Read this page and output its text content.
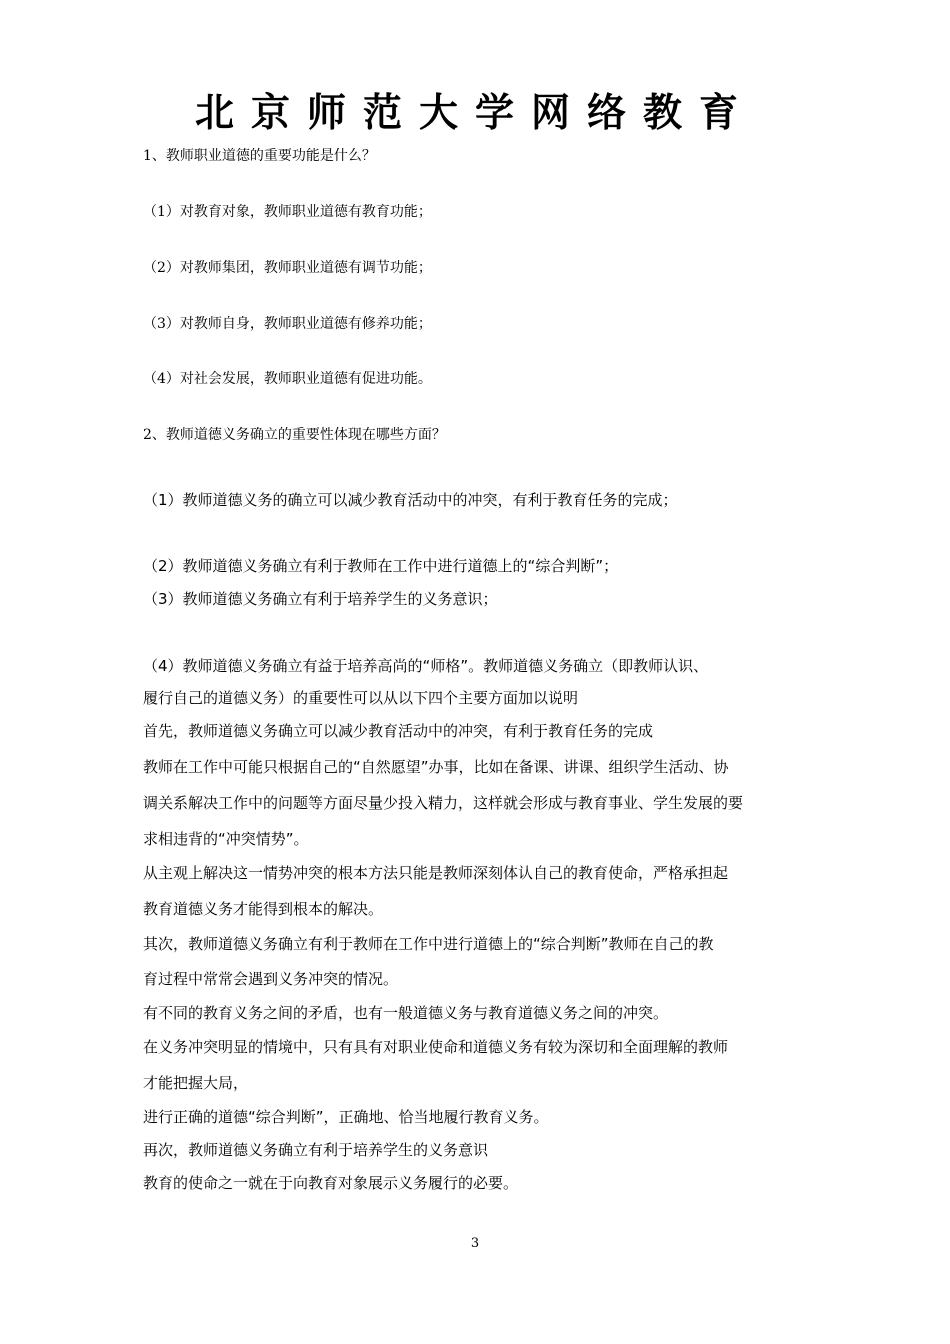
北京师范大学网络教育
1、教师职业道德的重要功能是什么？
（1）对教育对象，教师职业道德有教育功能；
（2）对教师集团，教师职业道德有调节功能；
（3）对教师自身，教师职业道德有修养功能；
（4）对社会发展，教师职业道德有促进功能。
2、教师道德义务确立的重要性体现在哪些方面？
（1）教师道德义务的确立可以减少教育活动中的冲突，有利于教育任务的完成；
（2）教师道德义务确立有利于教师在工作中进行道德上的“综合判断”；
（3）教师道德义务确立有利于培养学生的义务意识；
（4）教师道德义务确立有益于培养高尚的“师格”。教师道德义务确立（即教师认识、
履行自己的道德义务）的重要性可以从以下四个主要方面加以说明
首先，教师道德义务确立可以减少教育活动中的冲突，有利于教育任务的完成
教师在工作中可能只根据自己的“自然愿望”办事，比如在备课、讲课、组织学生活动、协
调关系解决工作中的问题等方面尽量少投入精力，这样就会形成与教育事业、学生发展的要
求相违背的“冲突情势”。
从主观上解决这一情势冲突的根本方法只能是教师深刻体认自己的教育使命，严格承担起
教育道德义务才能得到根本的解决。
其次，教师道德义务确立有利于教师在工作中进行道德上的“综合判断”教师在自己的教
育过程中常常会遇到义务冲突的情况。
有不同的教育义务之间的矛盾，也有一般道德义务与教育道德义务之间的冲突。
在义务冲突明显的情境中，只有具有对职业使命和道德义务有较为深切和全面理解的教师
才能把握大局，
进行正确的道德“综合判断”，正确地、恰当地履行教育义务。
再次，教师道德义务确立有利于培养学生的义务意识
教育的使命之一就在于向教育对象展示义务履行的必要。
3
